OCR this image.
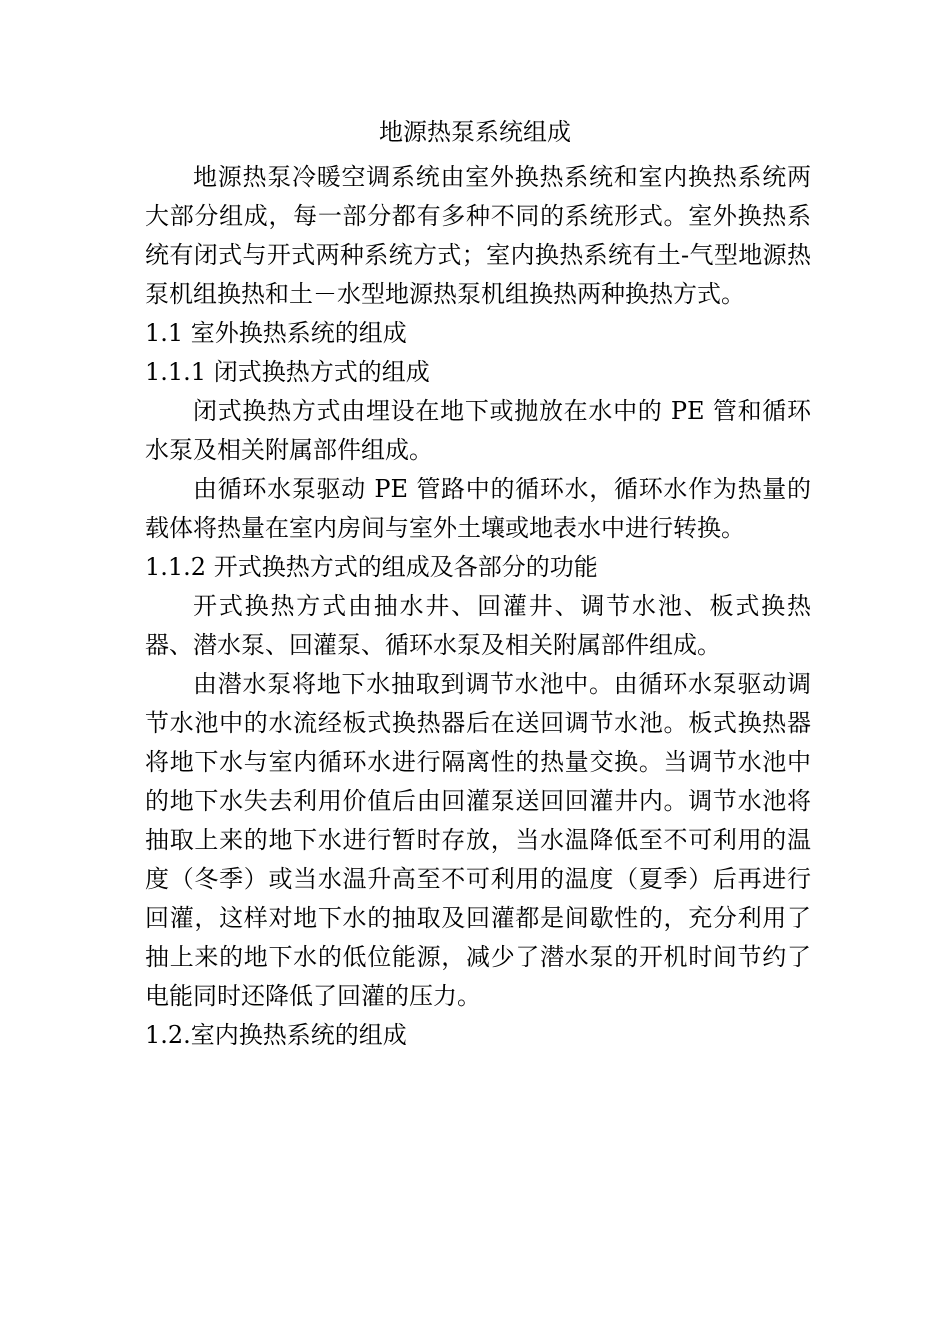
地源热泵系统组成

地源热泵冷暖空调系统由室外换热系统和室内换热系统两大部分组成，每一部分都有多种不同的系统形式。室外换热系统有闭式与开式两种系统方式；室内换热系统有土-气型地源热泵机组换热和土－水型地源热泵机组换热两种换热方式。

1.1 室外换热系统的组成

1.1.1 闭式换热方式的组成

闭式换热方式由埋设在地下或抛放在水中的 PE 管和循环水泵及相关附属部件组成。

由循环水泵驱动 PE 管路中的循环水，循环水作为热量的载体将热量在室内房间与室外土壤或地表水中进行转换。

1.1.2 开式换热方式的组成及各部分的功能

开式换热方式由抽水井、回灌井、调节水池、板式换热器、潜水泵、回灌泵、循环水泵及相关附属部件组成。

由潜水泵将地下水抽取到调节水池中。由循环水泵驱动调节水池中的水流经板式换热器后在送回调节水池。板式换热器将地下水与室内循环水进行隔离性的热量交换。当调节水池中的地下水失去利用价值后由回灌泵送回回灌井内。调节水池将抽取上来的地下水进行暂时存放，当水温降低至不可利用的温度（冬季）或当水温升高至不可利用的温度（夏季）后再进行回灌，这样对地下水的抽取及回灌都是间歇性的，充分利用了抽上来的地下水的低位能源，减少了潜水泵的开机时间节约了电能同时还降低了回灌的压力。

1.2.室内换热系统的组成
